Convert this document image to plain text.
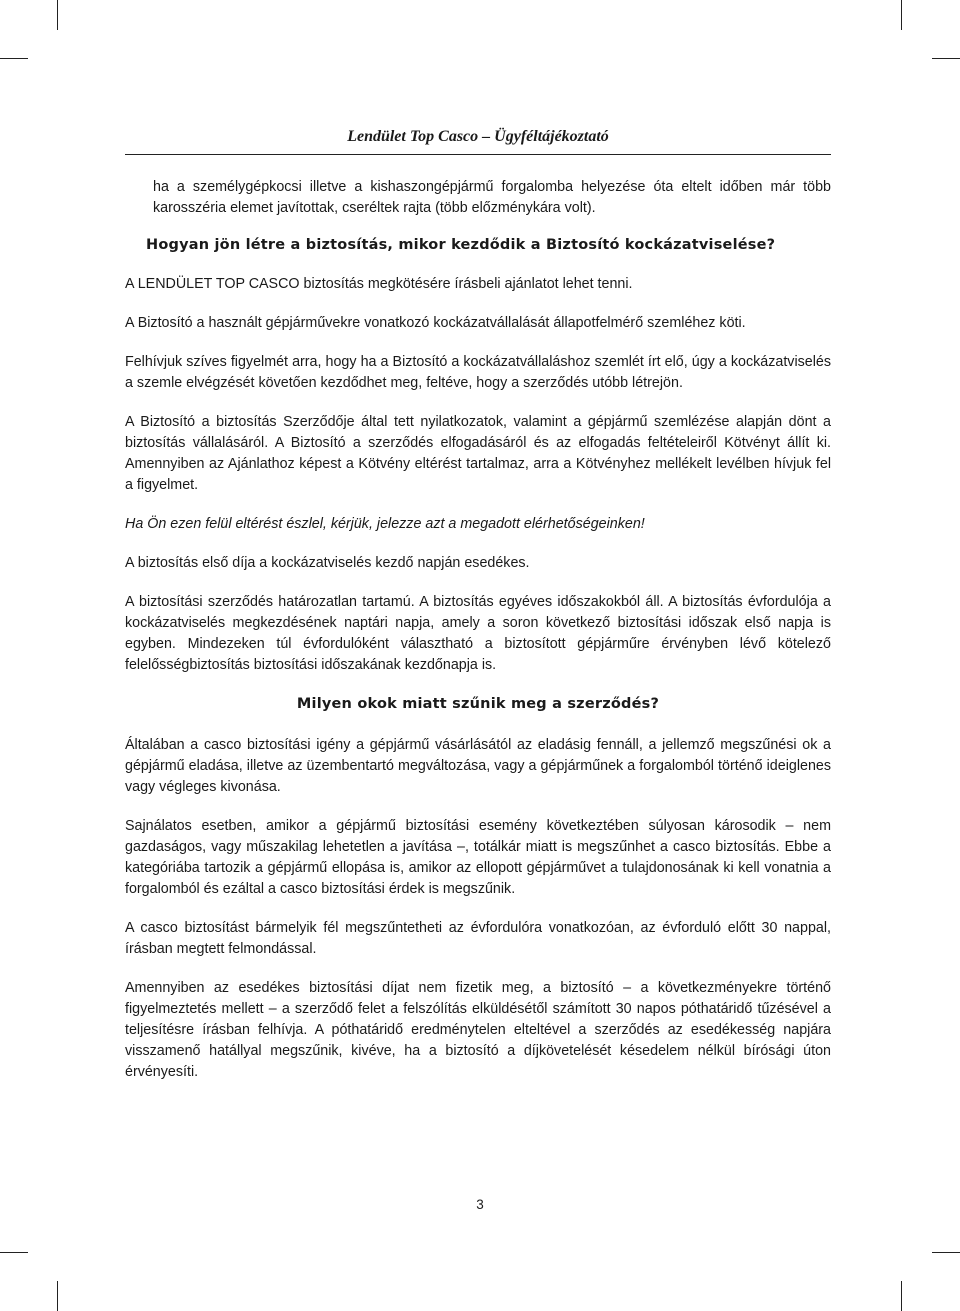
Lendület Top Casco – Ügyféltájékoztató

ha a személygépkocsi illetve a kishaszongépjármű forgalomba helyezése óta eltelt időben már több karosszéria elemet javítottak, cseréltek rajta (több előzménykára volt).

Hogyan jön létre a biztosítás, mikor kezdődik a Biztosító kockázatviselése?

A LENDÜLET TOP CASCO biztosítás megkötésére írásbeli ajánlatot lehet tenni.

A Biztosító a használt gépjárművekre vonatkozó kockázatvállalását állapotfelmérő szemléhez köti.

Felhívjuk szíves figyelmét arra, hogy ha a Biztosító a kockázatvállaláshoz szemlét írt elő, úgy a kockázatviselés a szemle elvégzését követően kezdődhet meg, feltéve, hogy a szerződés utóbb létrejön.

A Biztosító a biztosítás Szerződője által tett nyilatkozatok, valamint a gépjármű szemlézése alapján dönt a biztosítás vállalásáról. A Biztosító a szerződés elfogadásáról és az elfogadás feltételeiről Kötvényt állít ki. Amennyiben az Ajánlathoz képest a Kötvény eltérést tartalmaz, arra a Kötvényhez mellékelt levélben hívjuk fel a figyelmet.

Ha Ön ezen felül eltérést észlel, kérjük, jelezze azt a megadott elérhetőségeinken!

A biztosítás első díja a kockázatviselés kezdő napján esedékes.

A biztosítási szerződés határozatlan tartamú. A biztosítás egyéves időszakokból áll. A biztosítás évfordulója a kockázatviselés megkezdésének naptári napja, amely a soron következő biztosítási időszak első napja is egyben. Mindezeken túl évfordulóként választható a biztosított gépjárműre érvényben lévő kötelező felelősségbiztosítás biztosítási időszakának kezdőnapja is.

Milyen okok miatt szűnik meg a szerződés?

Általában a casco biztosítási igény a gépjármű vásárlásától az eladásig fennáll, a jellemző megszűnési ok a gépjármű eladása, illetve az üzembentartó megváltozása, vagy a gépjárműnek a forgalomból történő ideiglenes vagy végleges kivonása.

Sajnálatos esetben, amikor a gépjármű biztosítási esemény következtében súlyosan károsodik – nem gazdaságos, vagy műszakilag lehetetlen a javítása –, totálkár miatt is megszűnhet a casco biztosítás. Ebbe a kategóriába tartozik a gépjármű ellopása is, amikor az ellopott gépjárművet a tulajdonosának ki kell vonatnia a forgalomból és ezáltal a casco biztosítási érdek is megszűnik.

A casco biztosítást bármelyik fél megszűntetheti az évfordulóra vonatkozóan, az évforduló előtt 30 nappal, írásban megtett felmondással.

Amennyiben az esedékes biztosítási díjat nem fizetik meg, a biztosító – a következményekre történő figyelmeztetés mellett – a szerződő felet a felszólítás elküldésétől számított 30 napos póthatáridő tűzésével a teljesítésre írásban felhívja. A póthatáridő eredménytelen elteltével a szerződés az esedékesség napjára visszamenő hatállyal megszűnik, kivéve, ha a biztosító a díjkövetelését késedelem nélkül bírósági úton érvényesíti.

3
